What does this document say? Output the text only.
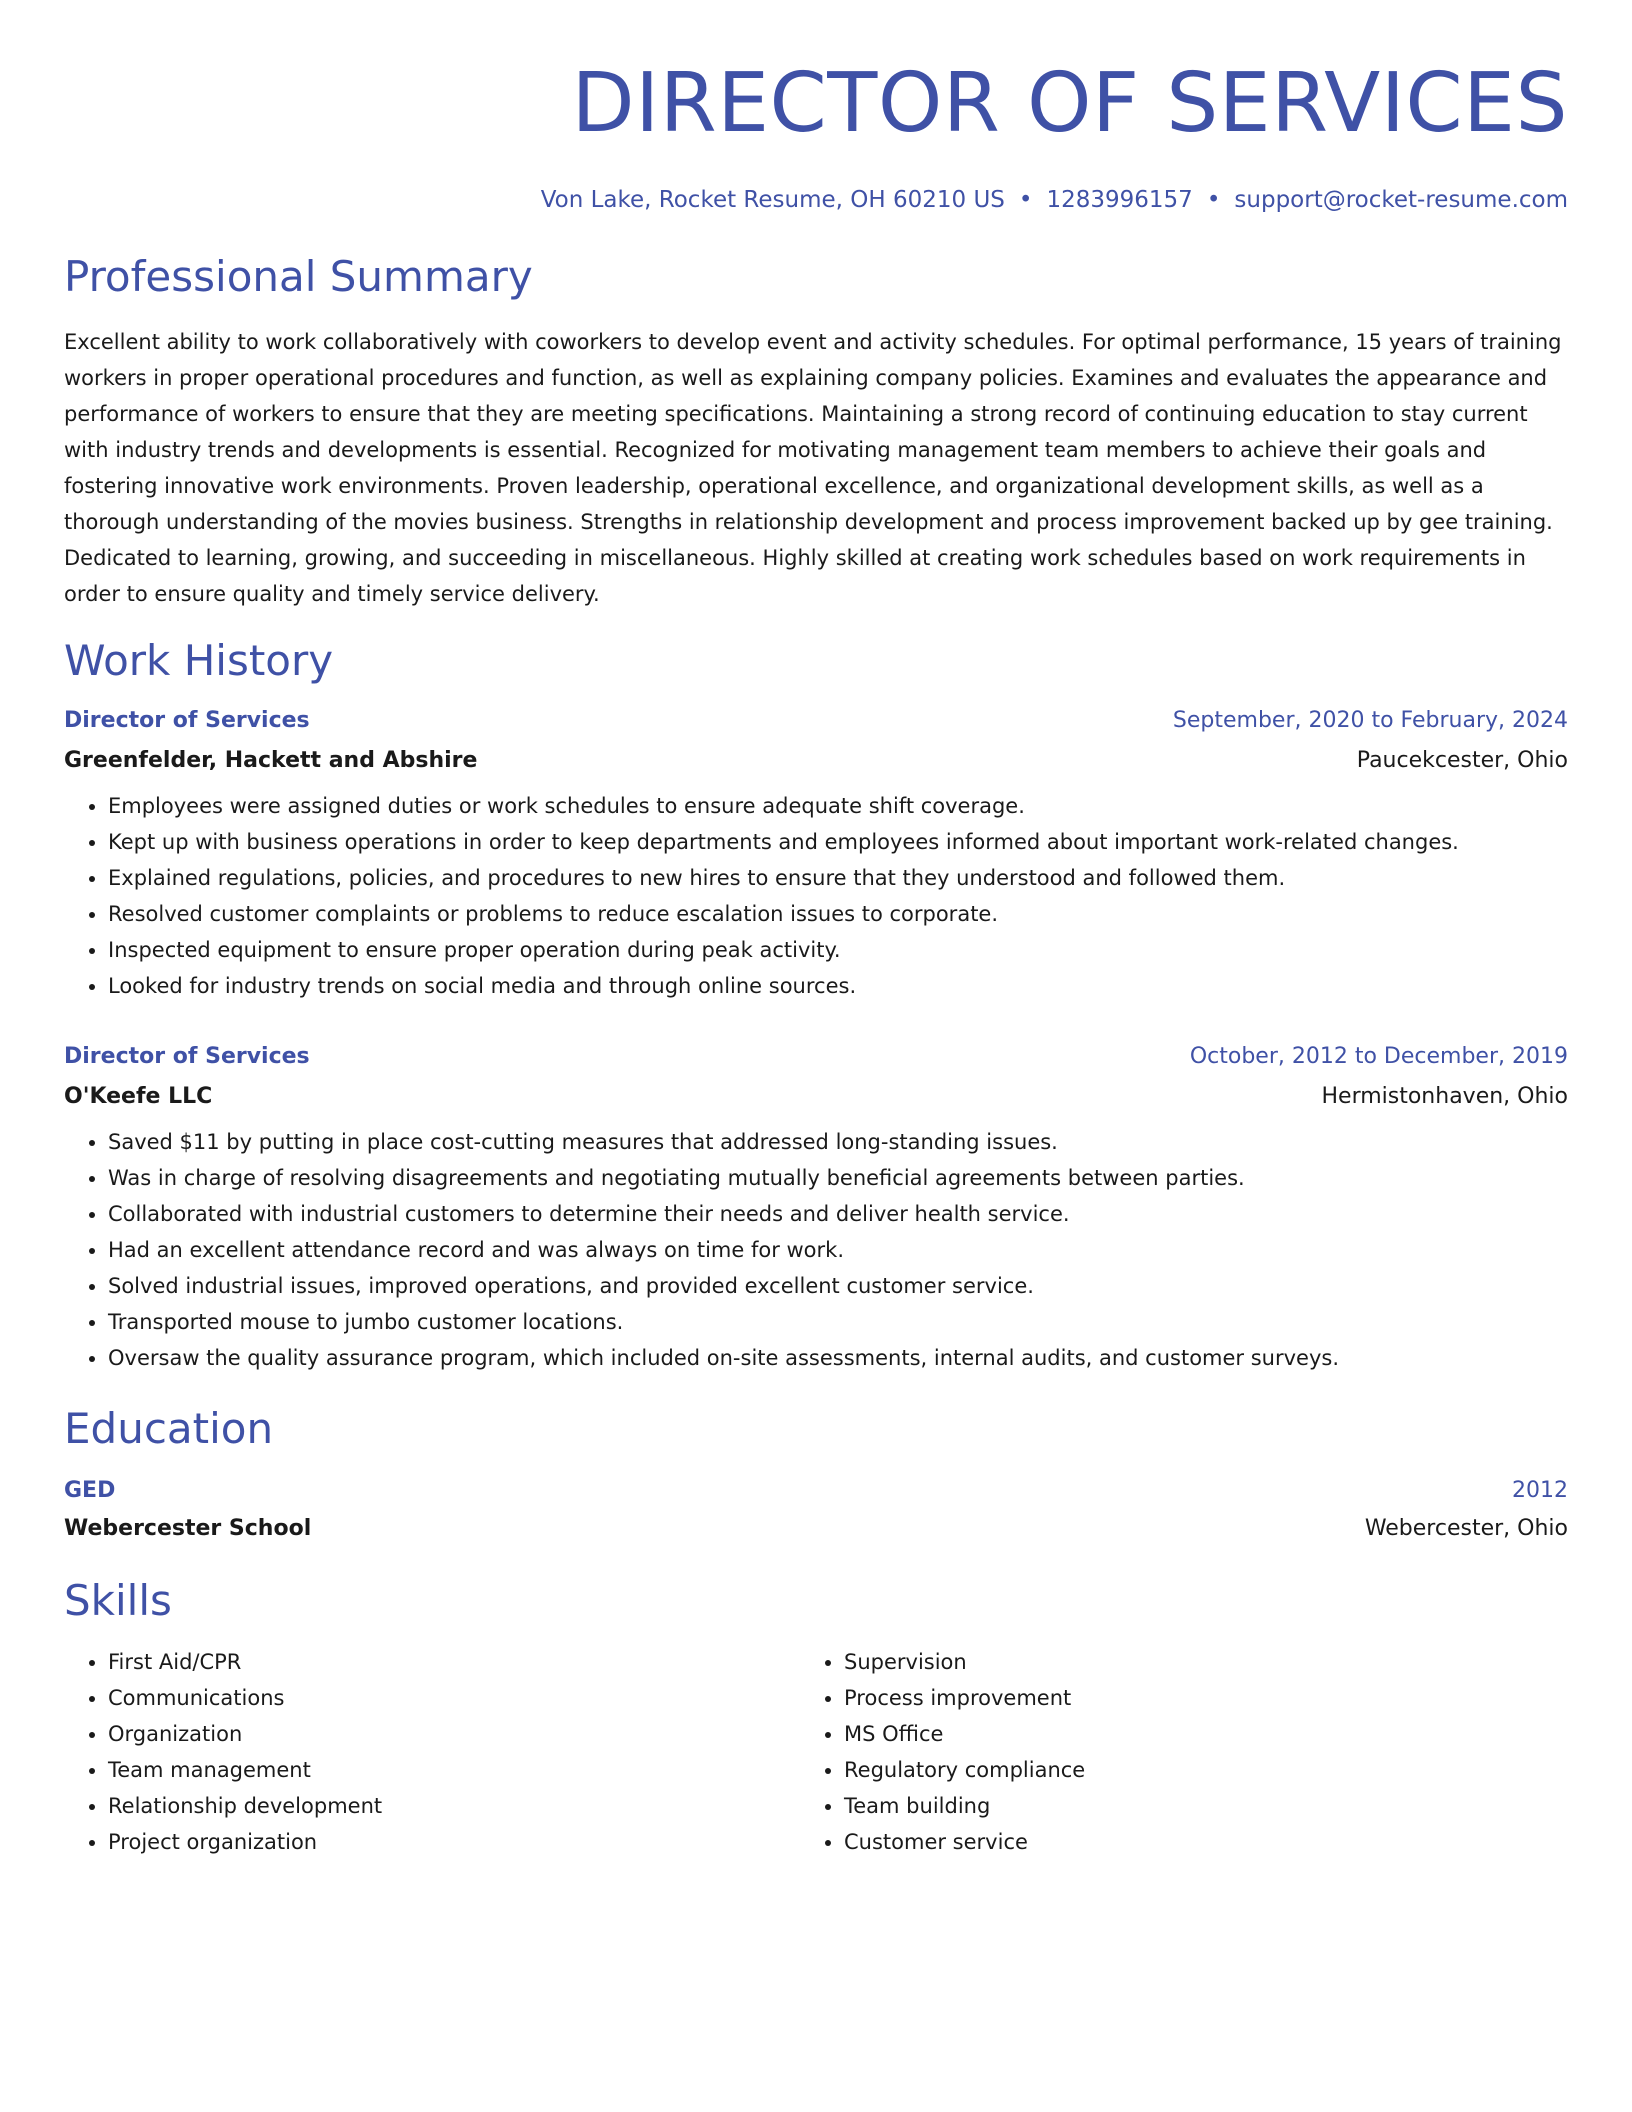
DIRECTOR OF SERVICES
Von Lake, Rocket Resume, OH 60210 US • 1283996157 • support@rocket-resume.com
Professional Summary
Excellent ability to work collaboratively with coworkers to develop event and activity schedules. For optimal performance, 15 years of training workers in proper operational procedures and function, as well as explaining company policies. Examines and evaluates the appearance and performance of workers to ensure that they are meeting specifications. Maintaining a strong record of continuing education to stay current with industry trends and developments is essential. Recognized for motivating management team members to achieve their goals and fostering innovative work environments. Proven leadership, operational excellence, and organizational development skills, as well as a thorough understanding of the movies business. Strengths in relationship development and process improvement backed up by gee training. Dedicated to learning, growing, and succeeding in miscellaneous. Highly skilled at creating work schedules based on work requirements in order to ensure quality and timely service delivery.
Work History
Director of Services	September, 2020 to February, 2024
Greenfelder, Hackett and Abshire	Paucekcester, Ohio
• Employees were assigned duties or work schedules to ensure adequate shift coverage.
• Kept up with business operations in order to keep departments and employees informed about important work-related changes.
• Explained regulations, policies, and procedures to new hires to ensure that they understood and followed them.
• Resolved customer complaints or problems to reduce escalation issues to corporate.
• Inspected equipment to ensure proper operation during peak activity.
• Looked for industry trends on social media and through online sources.
Director of Services	October, 2012 to December, 2019
O'Keefe LLC	Hermistonhaven, Ohio
• Saved $11 by putting in place cost-cutting measures that addressed long-standing issues.
• Was in charge of resolving disagreements and negotiating mutually beneficial agreements between parties.
• Collaborated with industrial customers to determine their needs and deliver health service.
• Had an excellent attendance record and was always on time for work.
• Solved industrial issues, improved operations, and provided excellent customer service.
• Transported mouse to jumbo customer locations.
• Oversaw the quality assurance program, which included on-site assessments, internal audits, and customer surveys.
Education
GED	2012
Webercester School	Webercester, Ohio
Skills
• First Aid/CPR
• Communications
• Organization
• Team management
• Relationship development
• Project organization
• Supervision
• Process improvement
• MS Office
• Regulatory compliance
• Team building
• Customer service
